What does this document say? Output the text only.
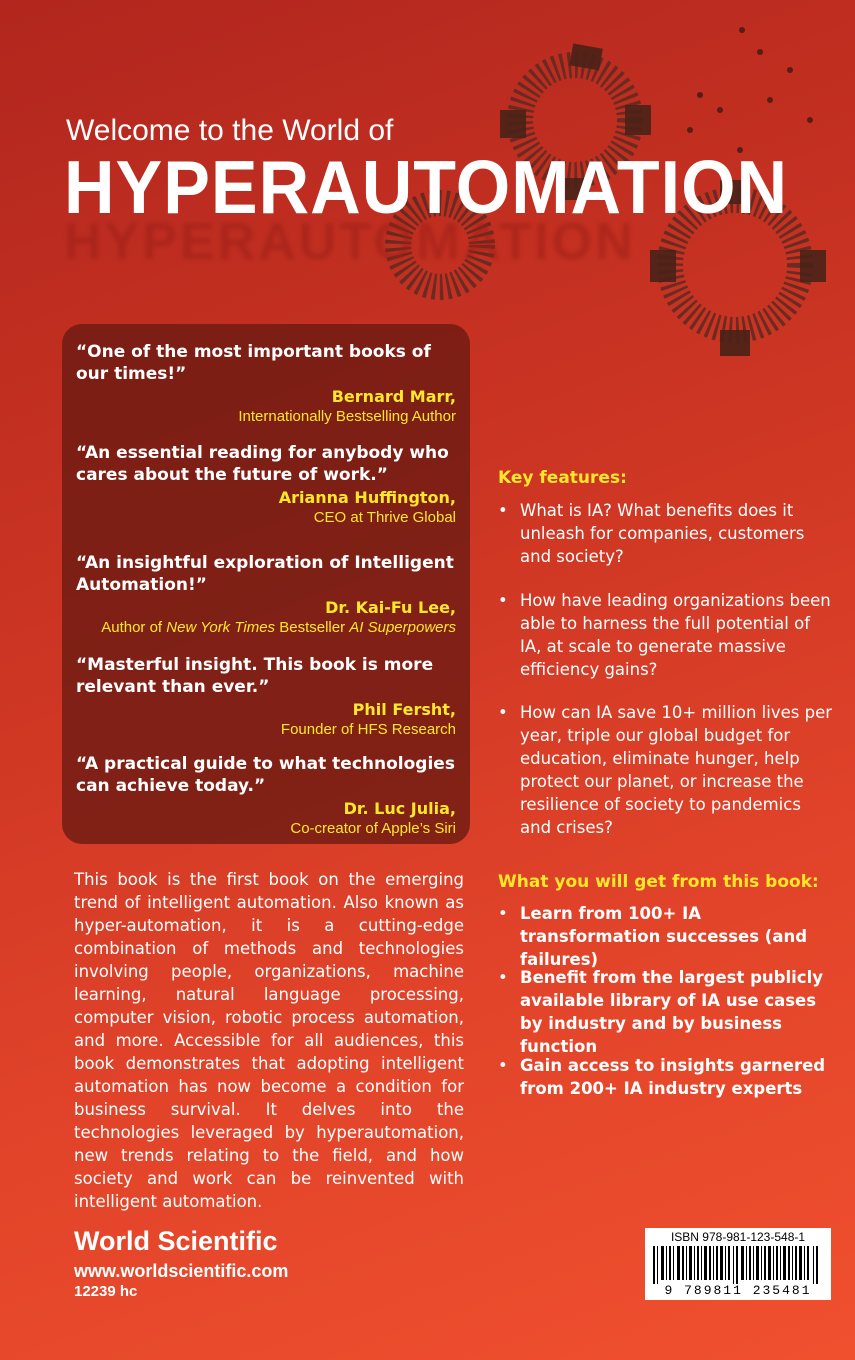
HYPERAUTOMATION
Welcome to the World of
HYPERAUTOMATION
“One of the most important books of our times!”
Bernard Marr,
Internationally Bestselling Author
“An essential reading for anybody who cares about the future of work.”
Arianna Huffington,
CEO at Thrive Global
“An insightful exploration of Intelligent Automation!”
Dr. Kai-Fu Lee,
Author of New York Times Bestseller AI Superpowers
“Masterful insight. This book is more relevant than ever.”
Phil Fersht,
Founder of HFS Research
“A practical guide to what technologies can achieve today.”
Dr. Luc Julia,
Co-creator of Apple’s Siri
Key features:
• What is IA? What benefits does it unleash for companies, customers and society?
• How have leading organizations been able to harness the full potential of IA, at scale to generate massive efficiency gains?
• How can IA save 10+ million lives per year, triple our global budget for education, eliminate hunger, help protect our planet, or increase the resilience of society to pandemics and crises?
What you will get from this book:
• Learn from 100+ IA transformation successes (and failures)
• Benefit from the largest publicly available library of IA use cases by industry and by business function
• Gain access to insights garnered from 200+ IA industry experts
This book is the first book on the emerging trend of intelligent automation. Also known as hyper-automation, it is a cutting-edge combination of methods and technologies involving people, organizations, machine learning, natural language processing, computer vision, robotic process automation, and more. Accessible for all audiences, this book demonstrates that adopting intelligent automation has now become a condition for business survival. It delves into the technologies leveraged by hyperautomation, new trends relating to the field, and how society and work can be reinvented with intelligent automation.
World Scientific
www.worldscientific.com
12239 hc
ISBN 978-981-123-548-1
9 789811 235481
